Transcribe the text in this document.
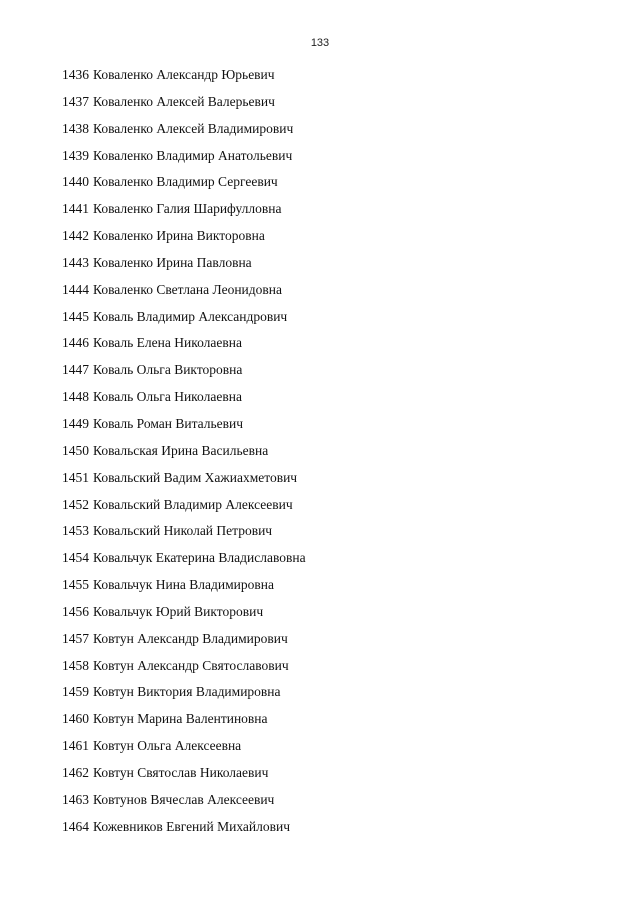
133
1436 Коваленко Александр Юрьевич
1437 Коваленко Алексей Валерьевич
1438 Коваленко Алексей Владимирович
1439 Коваленко Владимир Анатольевич
1440 Коваленко Владимир Сергеевич
1441 Коваленко Галия Шарифулловна
1442 Коваленко Ирина Викторовна
1443 Коваленко Ирина Павловна
1444 Коваленко Светлана Леонидовна
1445 Коваль Владимир Александрович
1446 Коваль Елена Николаевна
1447 Коваль Ольга Викторовна
1448 Коваль Ольга Николаевна
1449 Коваль Роман Витальевич
1450 Ковальская Ирина Васильевна
1451 Ковальский Вадим Хажиахметович
1452 Ковальский Владимир Алексеевич
1453 Ковальский Николай Петрович
1454 Ковальчук Екатерина Владиславовна
1455 Ковальчук Нина Владимировна
1456 Ковальчук Юрий Викторович
1457 Ковтун Александр Владимирович
1458 Ковтун Александр Святославович
1459 Ковтун Виктория Владимировна
1460 Ковтун Марина Валентиновна
1461 Ковтун Ольга Алексеевна
1462 Ковтун Святослав Николаевич
1463 Ковтунов Вячеслав Алексеевич
1464 Кожевников Евгений Михайлович
